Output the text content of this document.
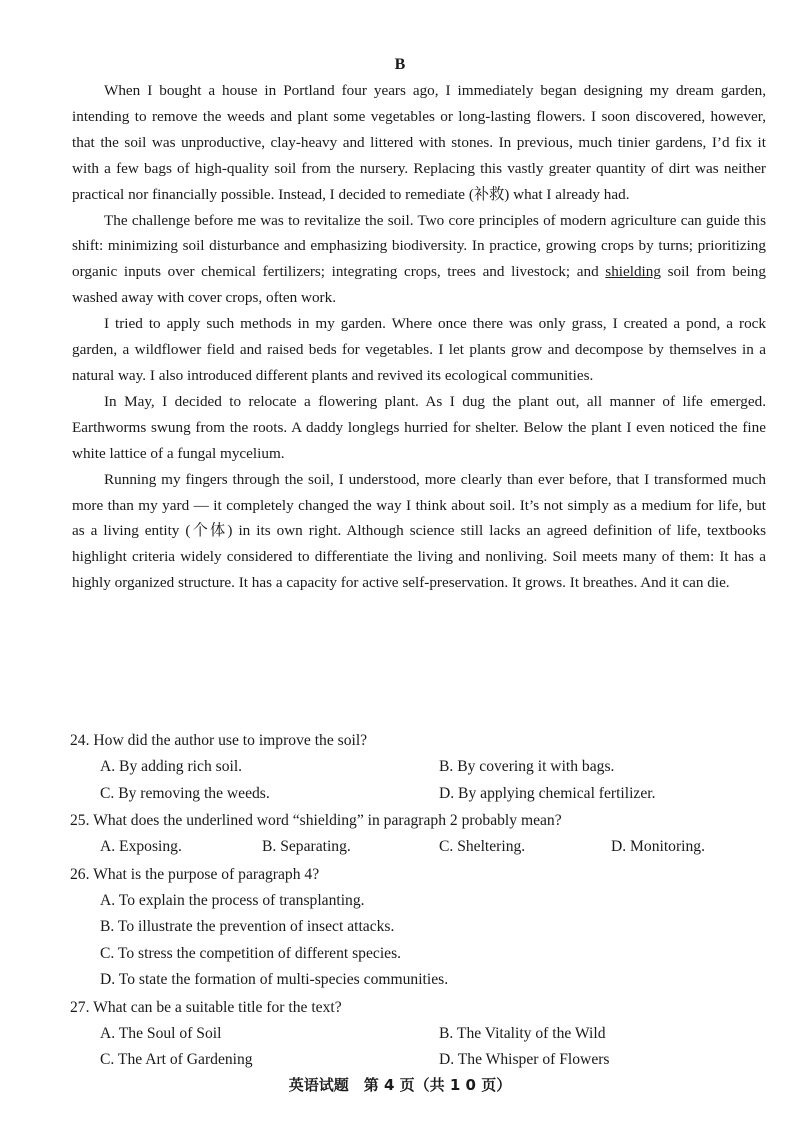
B

When I bought a house in Portland four years ago, I immediately began designing my dream garden, intending to remove the weeds and plant some vegetables or long-lasting flowers. I soon discovered, however, that the soil was unproductive, clay-heavy and littered with stones. In previous, much tinier gardens, I’d fix it with a few bags of high-quality soil from the nursery. Replacing this vastly greater quantity of dirt was neither practical nor financially possible. Instead, I decided to remediate (补救) what I already had.

The challenge before me was to revitalize the soil. Two core principles of modern agriculture can guide this shift: minimizing soil disturbance and emphasizing biodiversity. In practice, growing crops by turns; prioritizing organic inputs over chemical fertilizers; integrating crops, trees and livestock; and shielding soil from being washed away with cover crops, often work.

I tried to apply such methods in my garden. Where once there was only grass, I created a pond, a rock garden, a wildflower field and raised beds for vegetables. I let plants grow and decompose by themselves in a natural way. I also introduced different plants and revived its ecological communities.

In May, I decided to relocate a flowering plant. As I dug the plant out, all manner of life emerged. Earthworms swung from the roots. A daddy longlegs hurried for shelter. Below the plant I even noticed the fine white lattice of a fungal mycelium.

Running my fingers through the soil, I understood, more clearly than ever before, that I transformed much more than my yard — it completely changed the way I think about soil. It’s not simply as a medium for life, but as a living entity (个体) in its own right. Although science still lacks an agreed definition of life, textbooks highlight criteria widely considered to differentiate the living and nonliving. Soil meets many of them: It has a highly organized structure. It has a capacity for active self-preservation. It grows. It breathes. And it can die.

24. How did the author use to improve the soil?
A. By adding rich soil.	B. By covering it with bags.
C. By removing the weeds.	D. By applying chemical fertilizer.
25. What does the underlined word “shielding” in paragraph 2 probably mean?
A. Exposing.	B. Separating.	C. Sheltering.	D. Monitoring.
26. What is the purpose of paragraph 4?
A. To explain the process of transplanting.
B. To illustrate the prevention of insect attacks.
C. To stress the competition of different species.
D. To state the formation of multi-species communities.
27. What can be a suitable title for the text?
A. The Soul of Soil	B. The Vitality of the Wild
C. The Art of Gardening	D. The Whisper of Flowers
英语试题　第 4 页（共 1 0 页）
